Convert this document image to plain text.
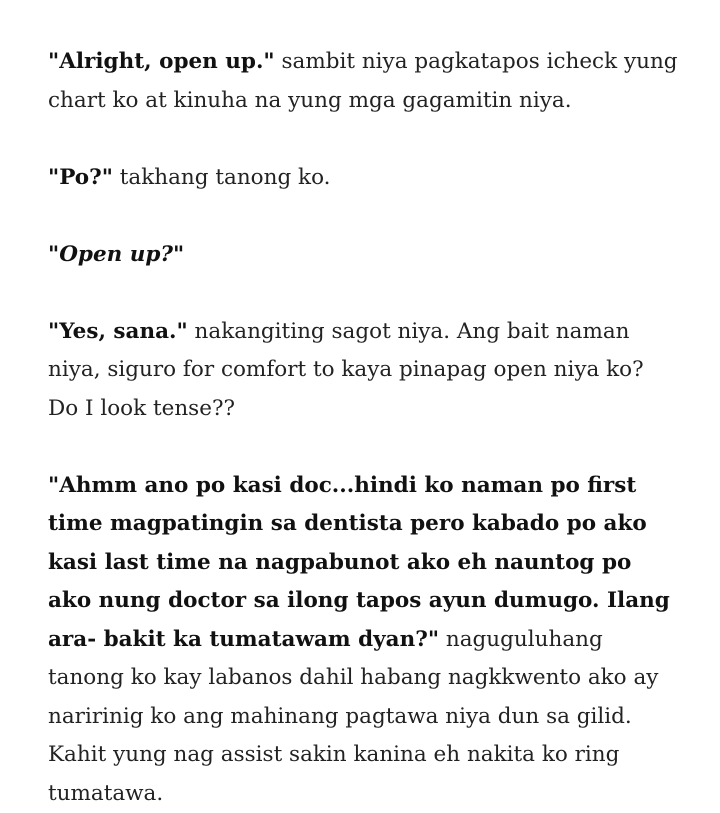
"Alright, open up." sambit niya pagkatapos icheck yung chart ko at kinuha na yung mga gagamitin niya.

"Po?" takhang tanong ko.

"Open up?"

"Yes, sana." nakangiting sagot niya. Ang bait naman niya, siguro for comfort to kaya pinapag open niya ko? Do I look tense??

"Ahmm ano po kasi doc...hindi ko naman po first time magpatingin sa dentista pero kabado po ako kasi last time na nagpabunot ako eh nauntog po ako nung doctor sa ilong tapos ayun dumugo. Ilang ara- bakit ka tumatawam dyan?" naguguluhang tanong ko kay labanos dahil habang nagkkwento ako ay naririnig ko ang mahinang pagtawa niya dun sa gilid. Kahit yung nag assist sakin kanina eh nakita ko ring tumatawa.
